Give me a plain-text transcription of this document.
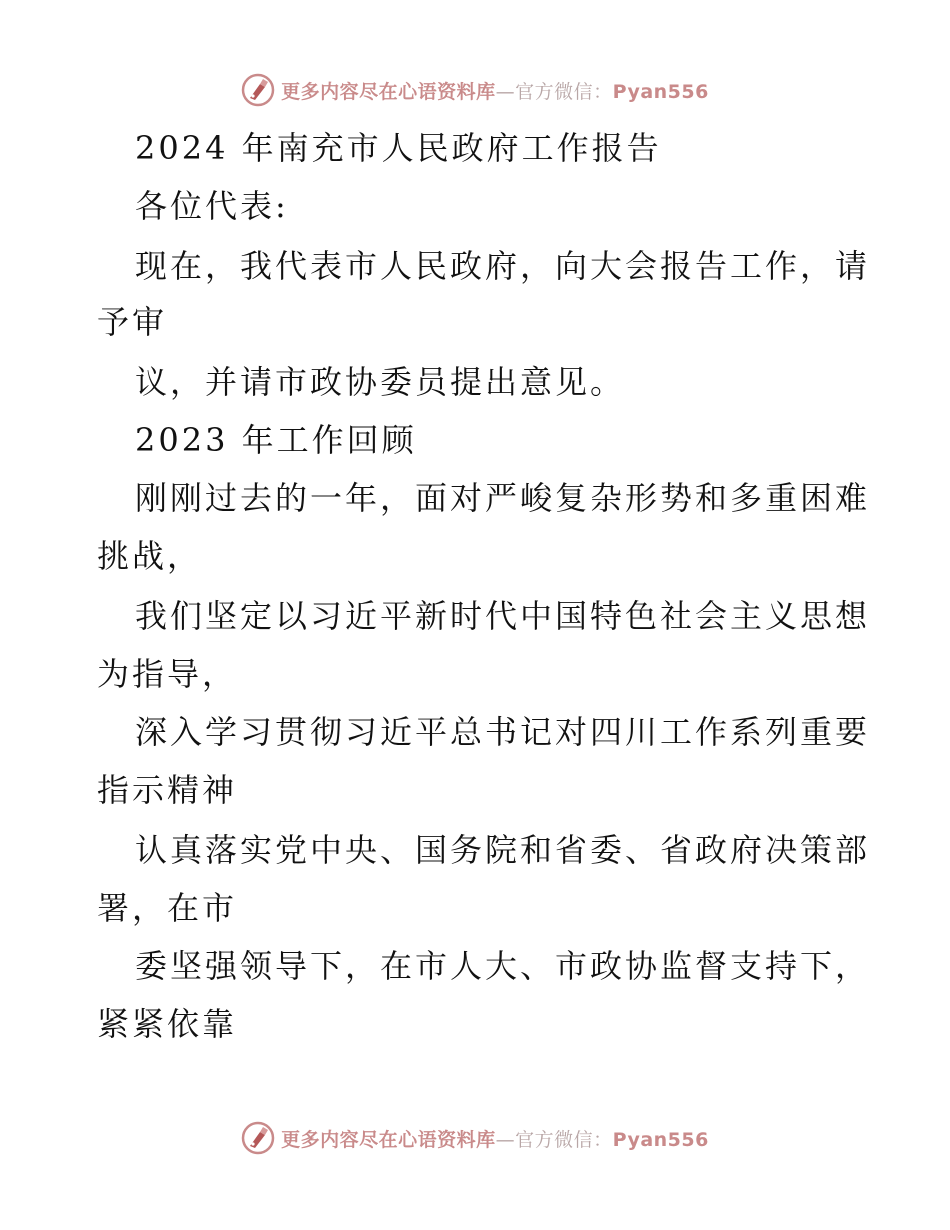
更多内容尽在心语资料库—官方微信：Pyan556
2024 年南充市人民政府工作报告
各位代表:
现在，我代表市人民政府，向大会报告工作，请
予审
议，并请市政协委员提出意见。
2023 年工作回顾
刚刚过去的一年，面对严峻复杂形势和多重困难
挑战，
我们坚定以习近平新时代中国特色社会主义思想
为指导，
深入学习贯彻习近平总书记对四川工作系列重要
指示精神
认真落实党中央、国务院和省委、省政府决策部
署，在市
委坚强领导下，在市人大、市政协监督支持下，
紧紧依靠
更多内容尽在心语资料库—官方微信：Pyan556
